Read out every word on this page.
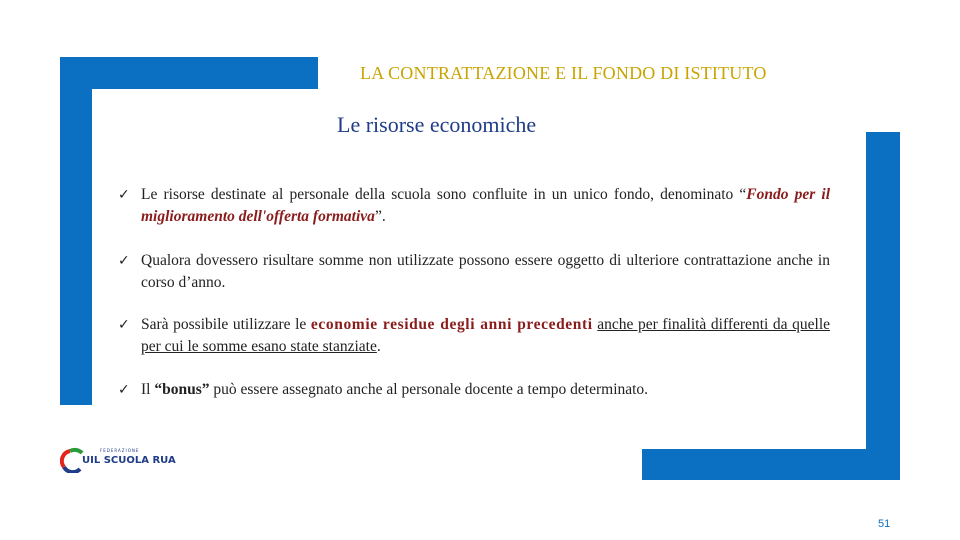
LA CONTRATTAZIONE E IL FONDO DI ISTITUTO
Le risorse economiche
✓ Le risorse destinate al personale della scuola sono confluite in un unico fondo, denominato “Fondo per il miglioramento dell'offerta formativa”.
✓ Qualora dovessero risultare somme non utilizzate possono essere oggetto di ulteriore contrattazione anche in corso d’anno.
✓ Sarà possibile utilizzare le economie residue degli anni precedenti anche per finalità differenti da quelle per cui le somme esano state stanziate.
✓ Il “bonus” può essere assegnato anche al personale docente a tempo determinato.
FEDERAZIONE
UIL SCUOLA RUA
51
